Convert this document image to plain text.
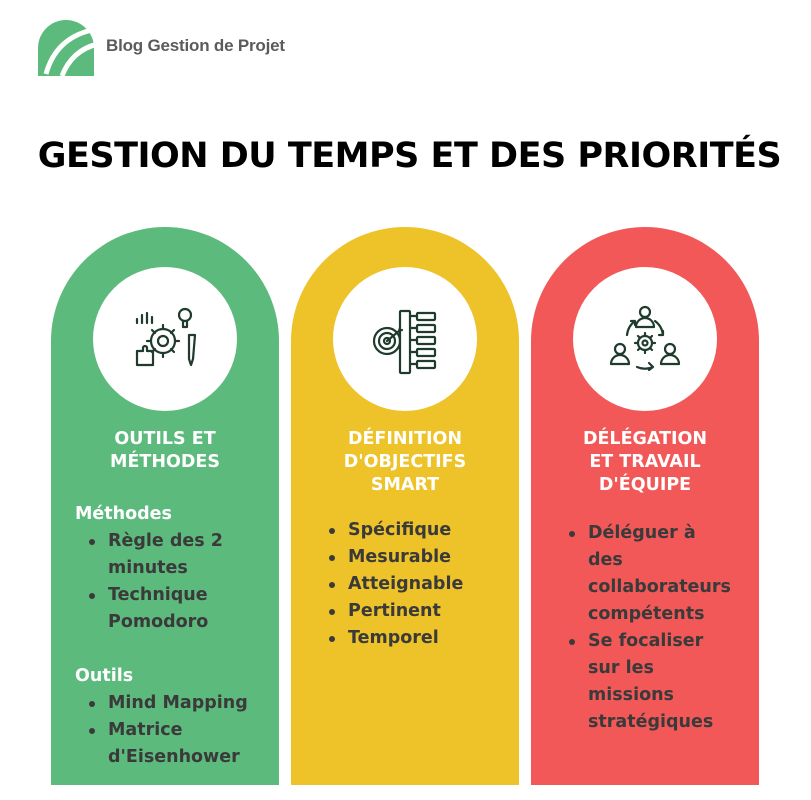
Blog Gestion de Projet
GESTION DU TEMPS ET DES PRIORITÉS
OUTILS ET
MÉTHODES
Méthodes
Règle des 2 minutes
Technique Pomodoro
Outils
Mind Mapping
Matrice d'Eisenhower
DÉFINITION
D'OBJECTIFS
SMART
Spécifique
Mesurable
Atteignable
Pertinent
Temporel
DÉLÉGATION
ET TRAVAIL
D'ÉQUIPE
Déléguer à des collaborateurs compétents
Se focaliser sur les missions stratégiques
